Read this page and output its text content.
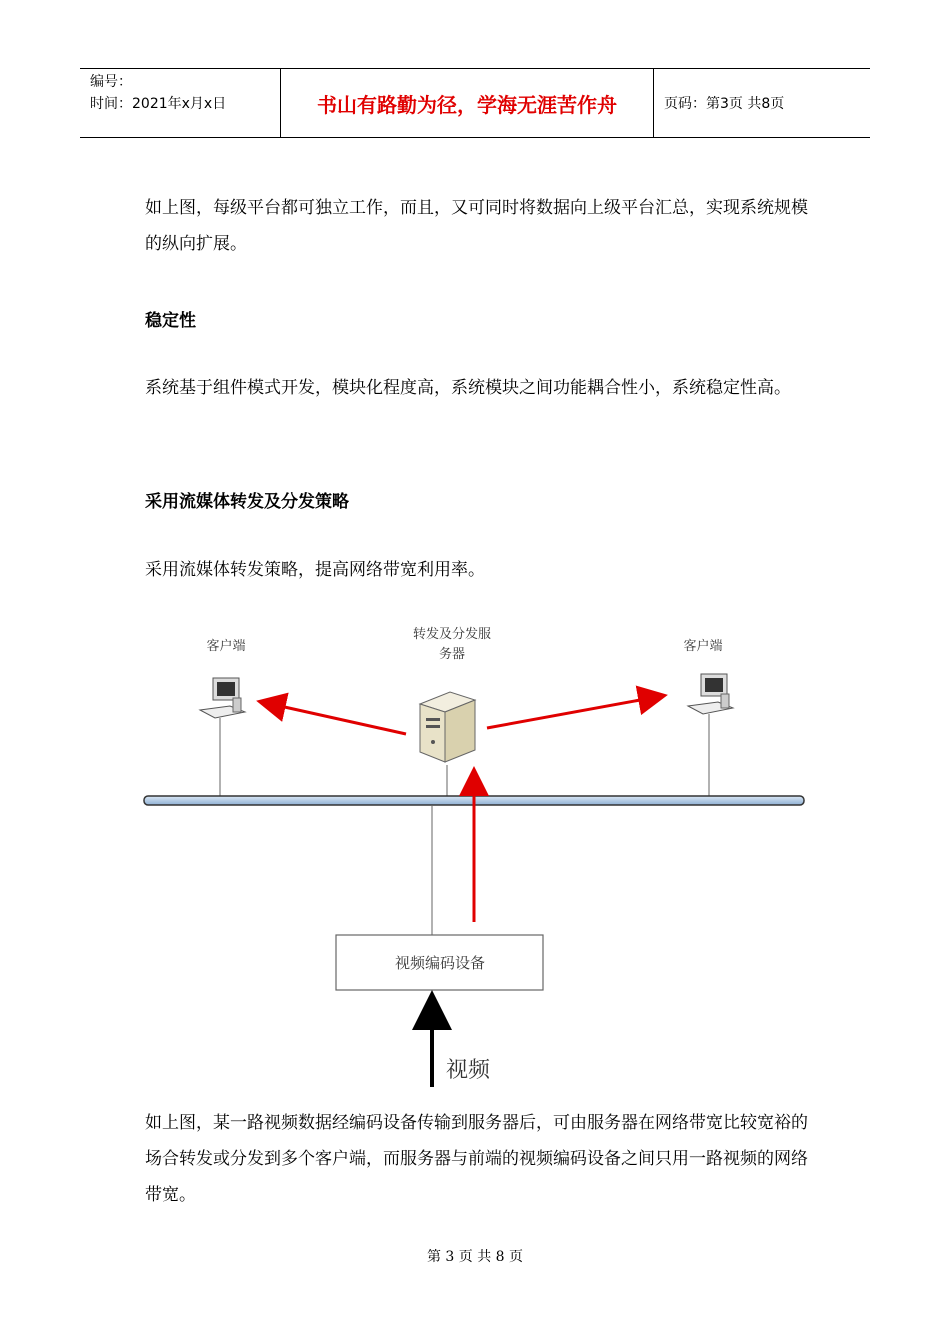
编号：
时间：2021年x月x日	书山有路勤为径，学海无涯苦作舟	页码：第3页 共8页
如上图，每级平台都可独立工作，而且，又可同时将数据向上级平台汇总，实现系统规模的纵向扩展。
稳定性
系统基于组件模式开发，模块化程度高，系统模块之间功能耦合性小，系统稳定性高。
采用流媒体转发及分发策略
采用流媒体转发策略，提高网络带宽利用率。
客户端
转发及分发服
务器
客户端
视频编码设备
视频
如上图，某一路视频数据经编码设备传输到服务器后，可由服务器在网络带宽比较宽裕的场合转发或分发到多个客户端，而服务器与前端的视频编码设备之间只用一路视频的网络带宽。
第 3 页 共 8 页
